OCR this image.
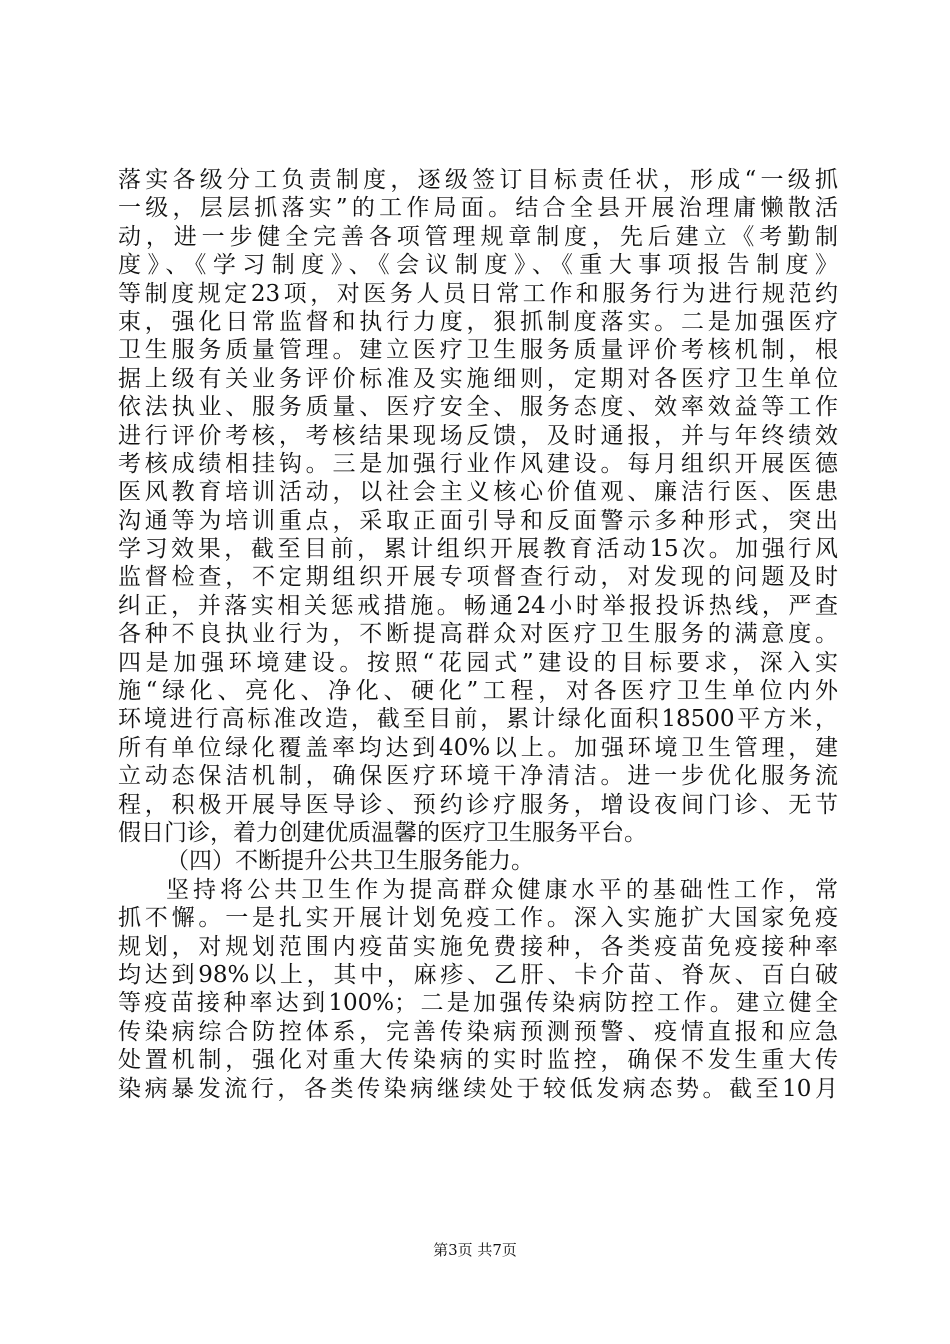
落实各级分工负责制度，逐级签订目标责任状，形成“一级抓
一级，层层抓落实”的工作局面。结合全县开展治理庸懒散活
动，进一步健全完善各项管理规章制度，先后建立《考勤制
度》、《学习制度》、《会议制度》、《重大事项报告制度》
等制度规定23项，对医务人员日常工作和服务行为进行规范约
束，强化日常监督和执行力度，狠抓制度落实。二是加强医疗
卫生服务质量管理。建立医疗卫生服务质量评价考核机制，根
据上级有关业务评价标准及实施细则，定期对各医疗卫生单位
依法执业、服务质量、医疗安全、服务态度、效率效益等工作
进行评价考核，考核结果现场反馈，及时通报，并与年终绩效
考核成绩相挂钩。三是加强行业作风建设。每月组织开展医德
医风教育培训活动，以社会主义核心价值观、廉洁行医、医患
沟通等为培训重点，采取正面引导和反面警示多种形式，突出
学习效果，截至目前，累计组织开展教育活动15次。加强行风
监督检查，不定期组织开展专项督查行动，对发现的问题及时
纠正，并落实相关惩戒措施。畅通24小时举报投诉热线，严查
各种不良执业行为，不断提高群众对医疗卫生服务的满意度。
四是加强环境建设。按照“花园式”建设的目标要求，深入实
施“绿化、亮化、净化、硬化”工程，对各医疗卫生单位内外
环境进行高标准改造，截至目前，累计绿化面积18500平方米，
所有单位绿化覆盖率均达到40%以上。加强环境卫生管理，建
立动态保洁机制，确保医疗环境干净清洁。进一步优化服务流
程，积极开展导医导诊、预约诊疗服务，增设夜间门诊、无节
假日门诊，着力创建优质温馨的医疗卫生服务平台。
（四）不断提升公共卫生服务能力。
坚持将公共卫生作为提高群众健康水平的基础性工作，常
抓不懈。一是扎实开展计划免疫工作。深入实施扩大国家免疫
规划，对规划范围内疫苗实施免费接种，各类疫苗免疫接种率
均达到98%以上，其中，麻疹、乙肝、卡介苗、脊灰、百白破
等疫苗接种率达到100%；二是加强传染病防控工作。建立健全
传染病综合防控体系，完善传染病预测预警、疫情直报和应急
处置机制，强化对重大传染病的实时监控，确保不发生重大传
染病暴发流行，各类传染病继续处于较低发病态势。截至10月
第3页 共7页
